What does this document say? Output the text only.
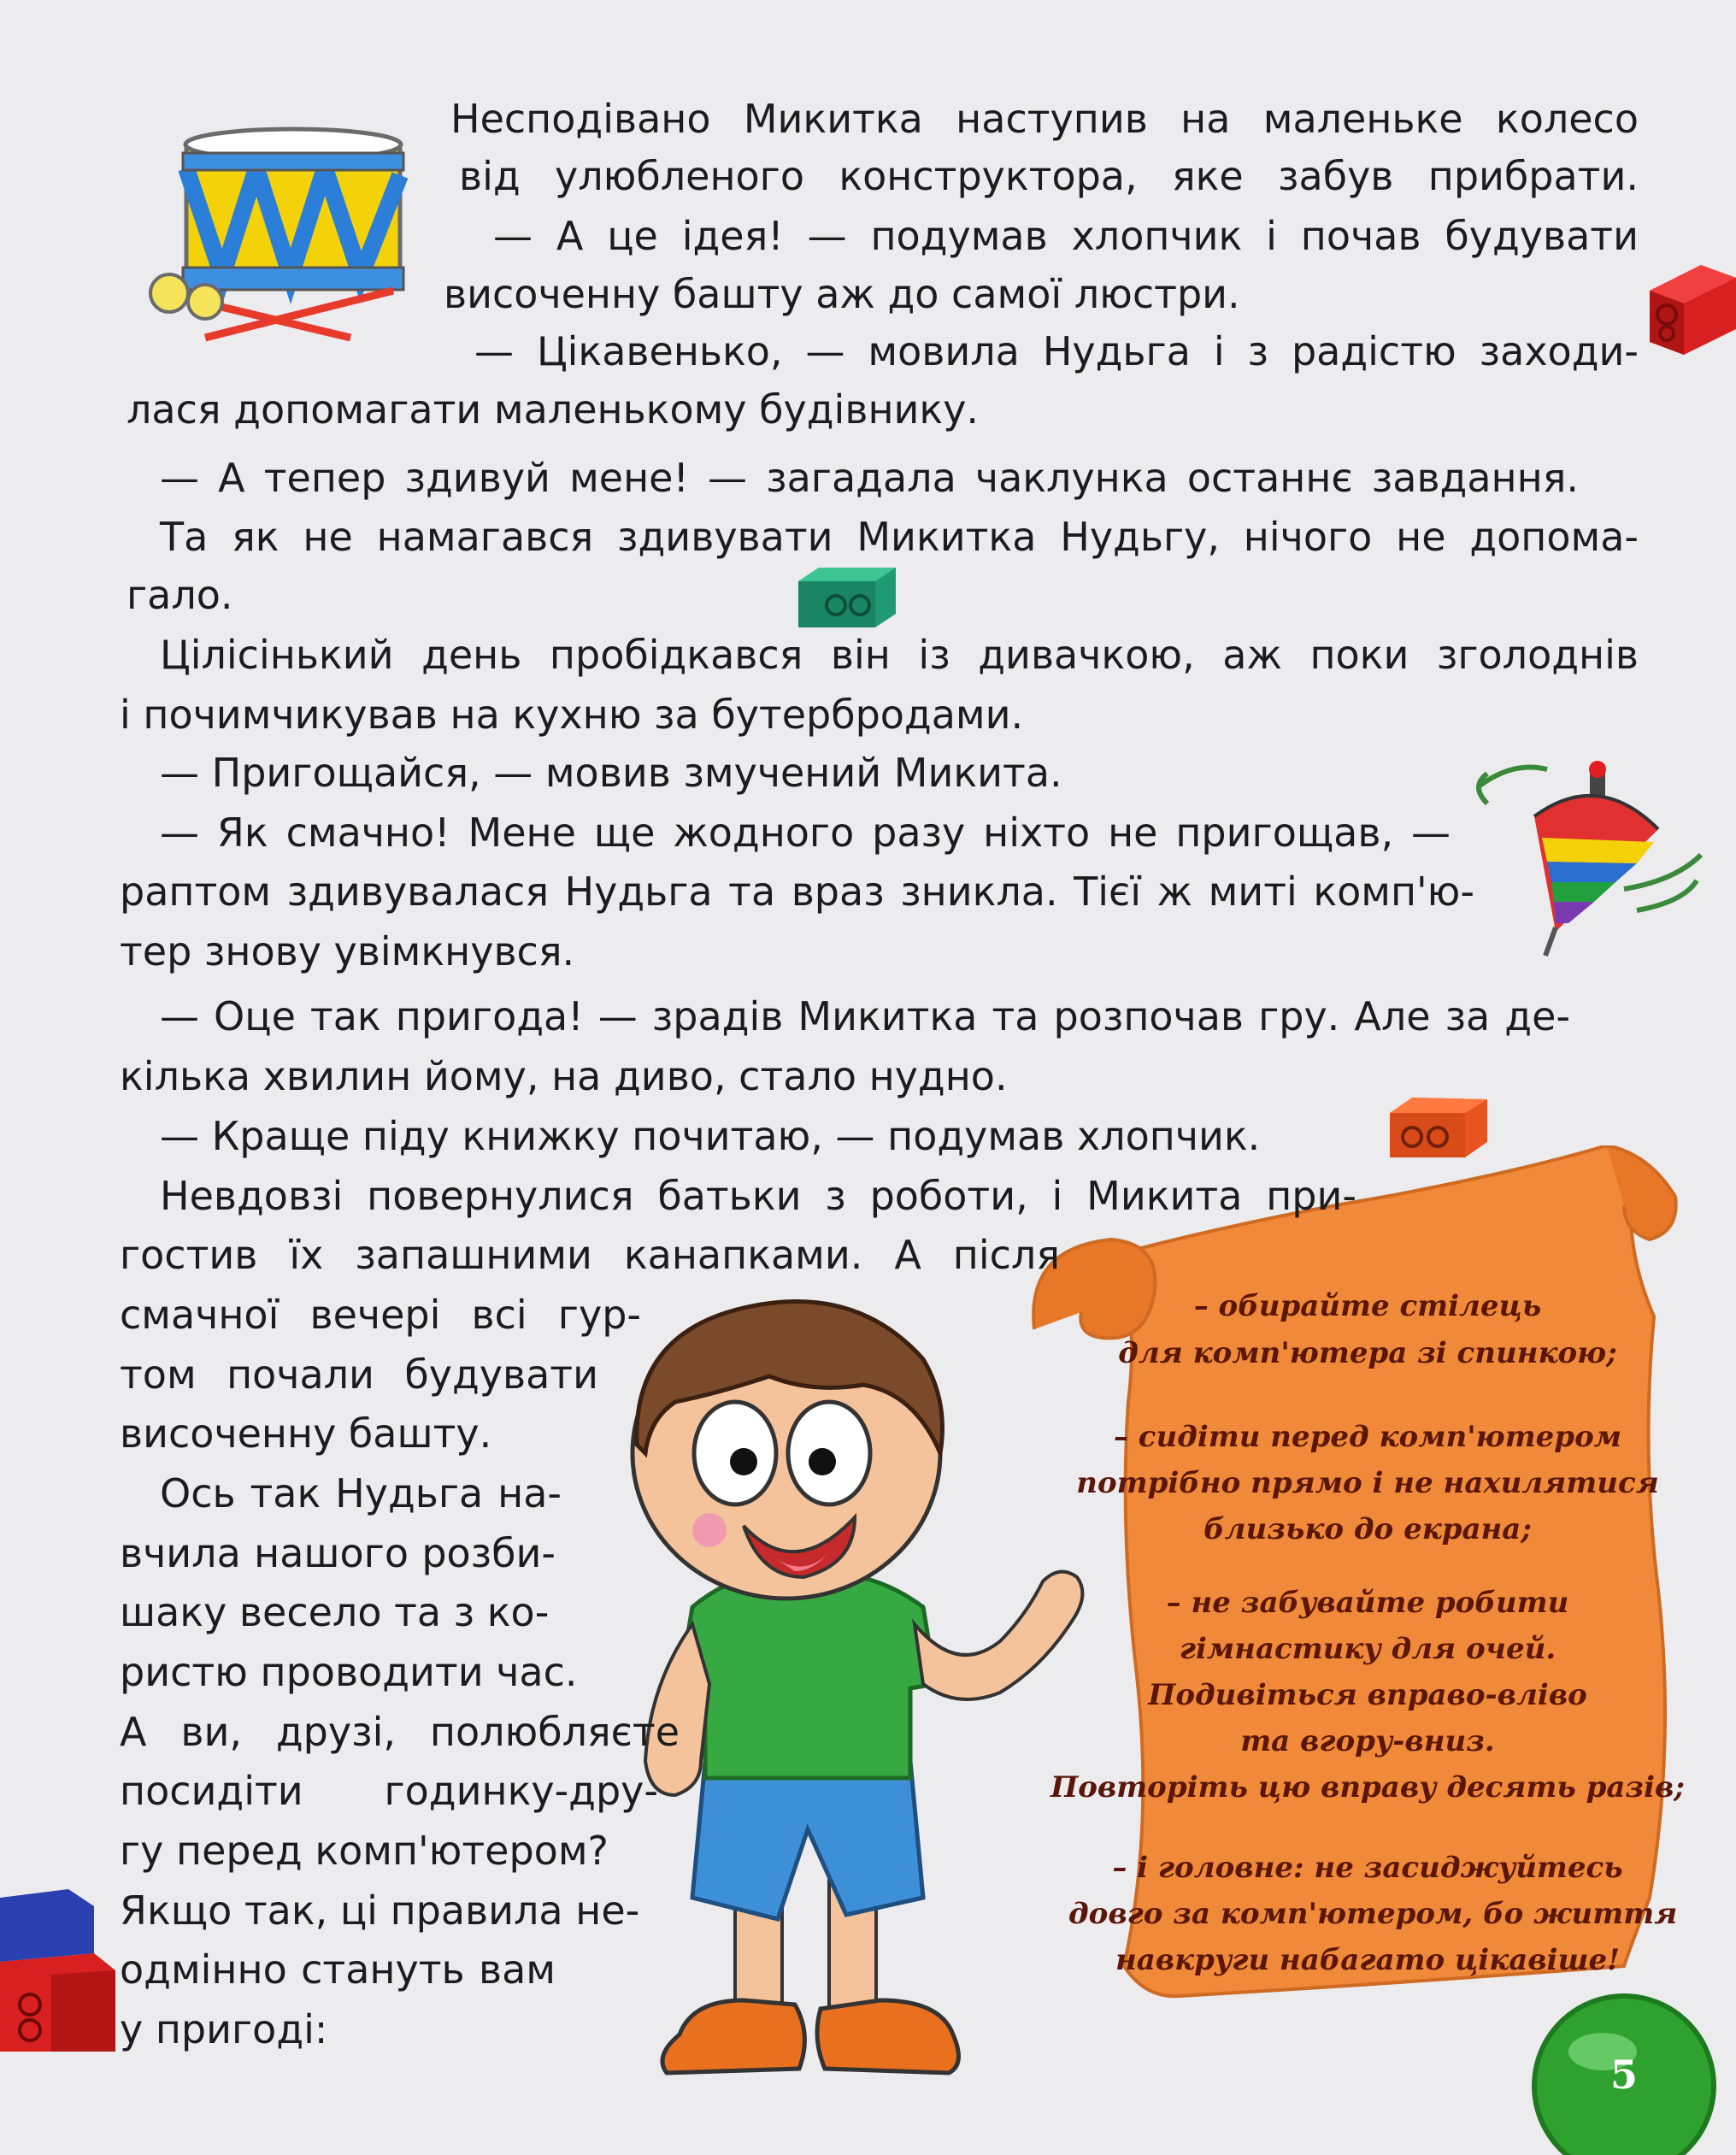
5

Несподівано Микитка наступив на маленьке колесо

від улюбленого конструктора, яке забув прибрати.

— А це ідея! — подумав хлопчик і почав будувати

височенну башту аж до самої люстри.

— Цікавенько, — мовила Нудьга і з радістю заходи-

лася допомагати маленькому будівнику.

— А тепер здивуй мене! — загадала чаклунка останнє завдання.

Та як не намагався здивувати Микитка Нудьгу, нічого не допома-

гало.

Цілісінький день пробідкався він із дивачкою, аж поки зголоднів

і почимчикував на кухню за бутербродами.

— Пригощайся, — мовив змучений Микита.

— Як смачно! Мене ще жодного разу ніхто не пригощав, —

раптом здивувалася Нудьга та враз зникла. Тієї ж миті комп'ю-

тер знову увімкнувся.

— Оце так пригода! — зрадів Микитка та розпочав гру. Але за де-

кілька хвилин йому, на диво, стало нудно.

— Краще піду книжку почитаю, — подумав хлопчик.

Невдовзі повернулися батьки з роботи, і Микита при-

гостив їх запашними канапками. А після

смачної вечері всі гур-

том почали будувати

височенну башту.

Ось так Нудьга на-

вчила нашого розби-

шаку весело та з ко-

ристю проводити час.

А ви, друзі, полюбляєте

посидіти годинку-дру-

гу перед комп'ютером?

Якщо так, ці правила не-

одмінно стануть вам

у пригоді:

– обирайте стілець

для комп'ютера зі спинкою;

– сидіти перед комп'ютером

потрібно прямо і не нахилятися

близько до екрана;

– не забувайте робити

гімнастику для очей.

Подивіться вправо-вліво

та вгору-вниз.

Повторіть цю вправу десять разів;

– і головне: не засиджуйтесь

довго за комп'ютером, бо життя

навкруги набагато цікавіше!
